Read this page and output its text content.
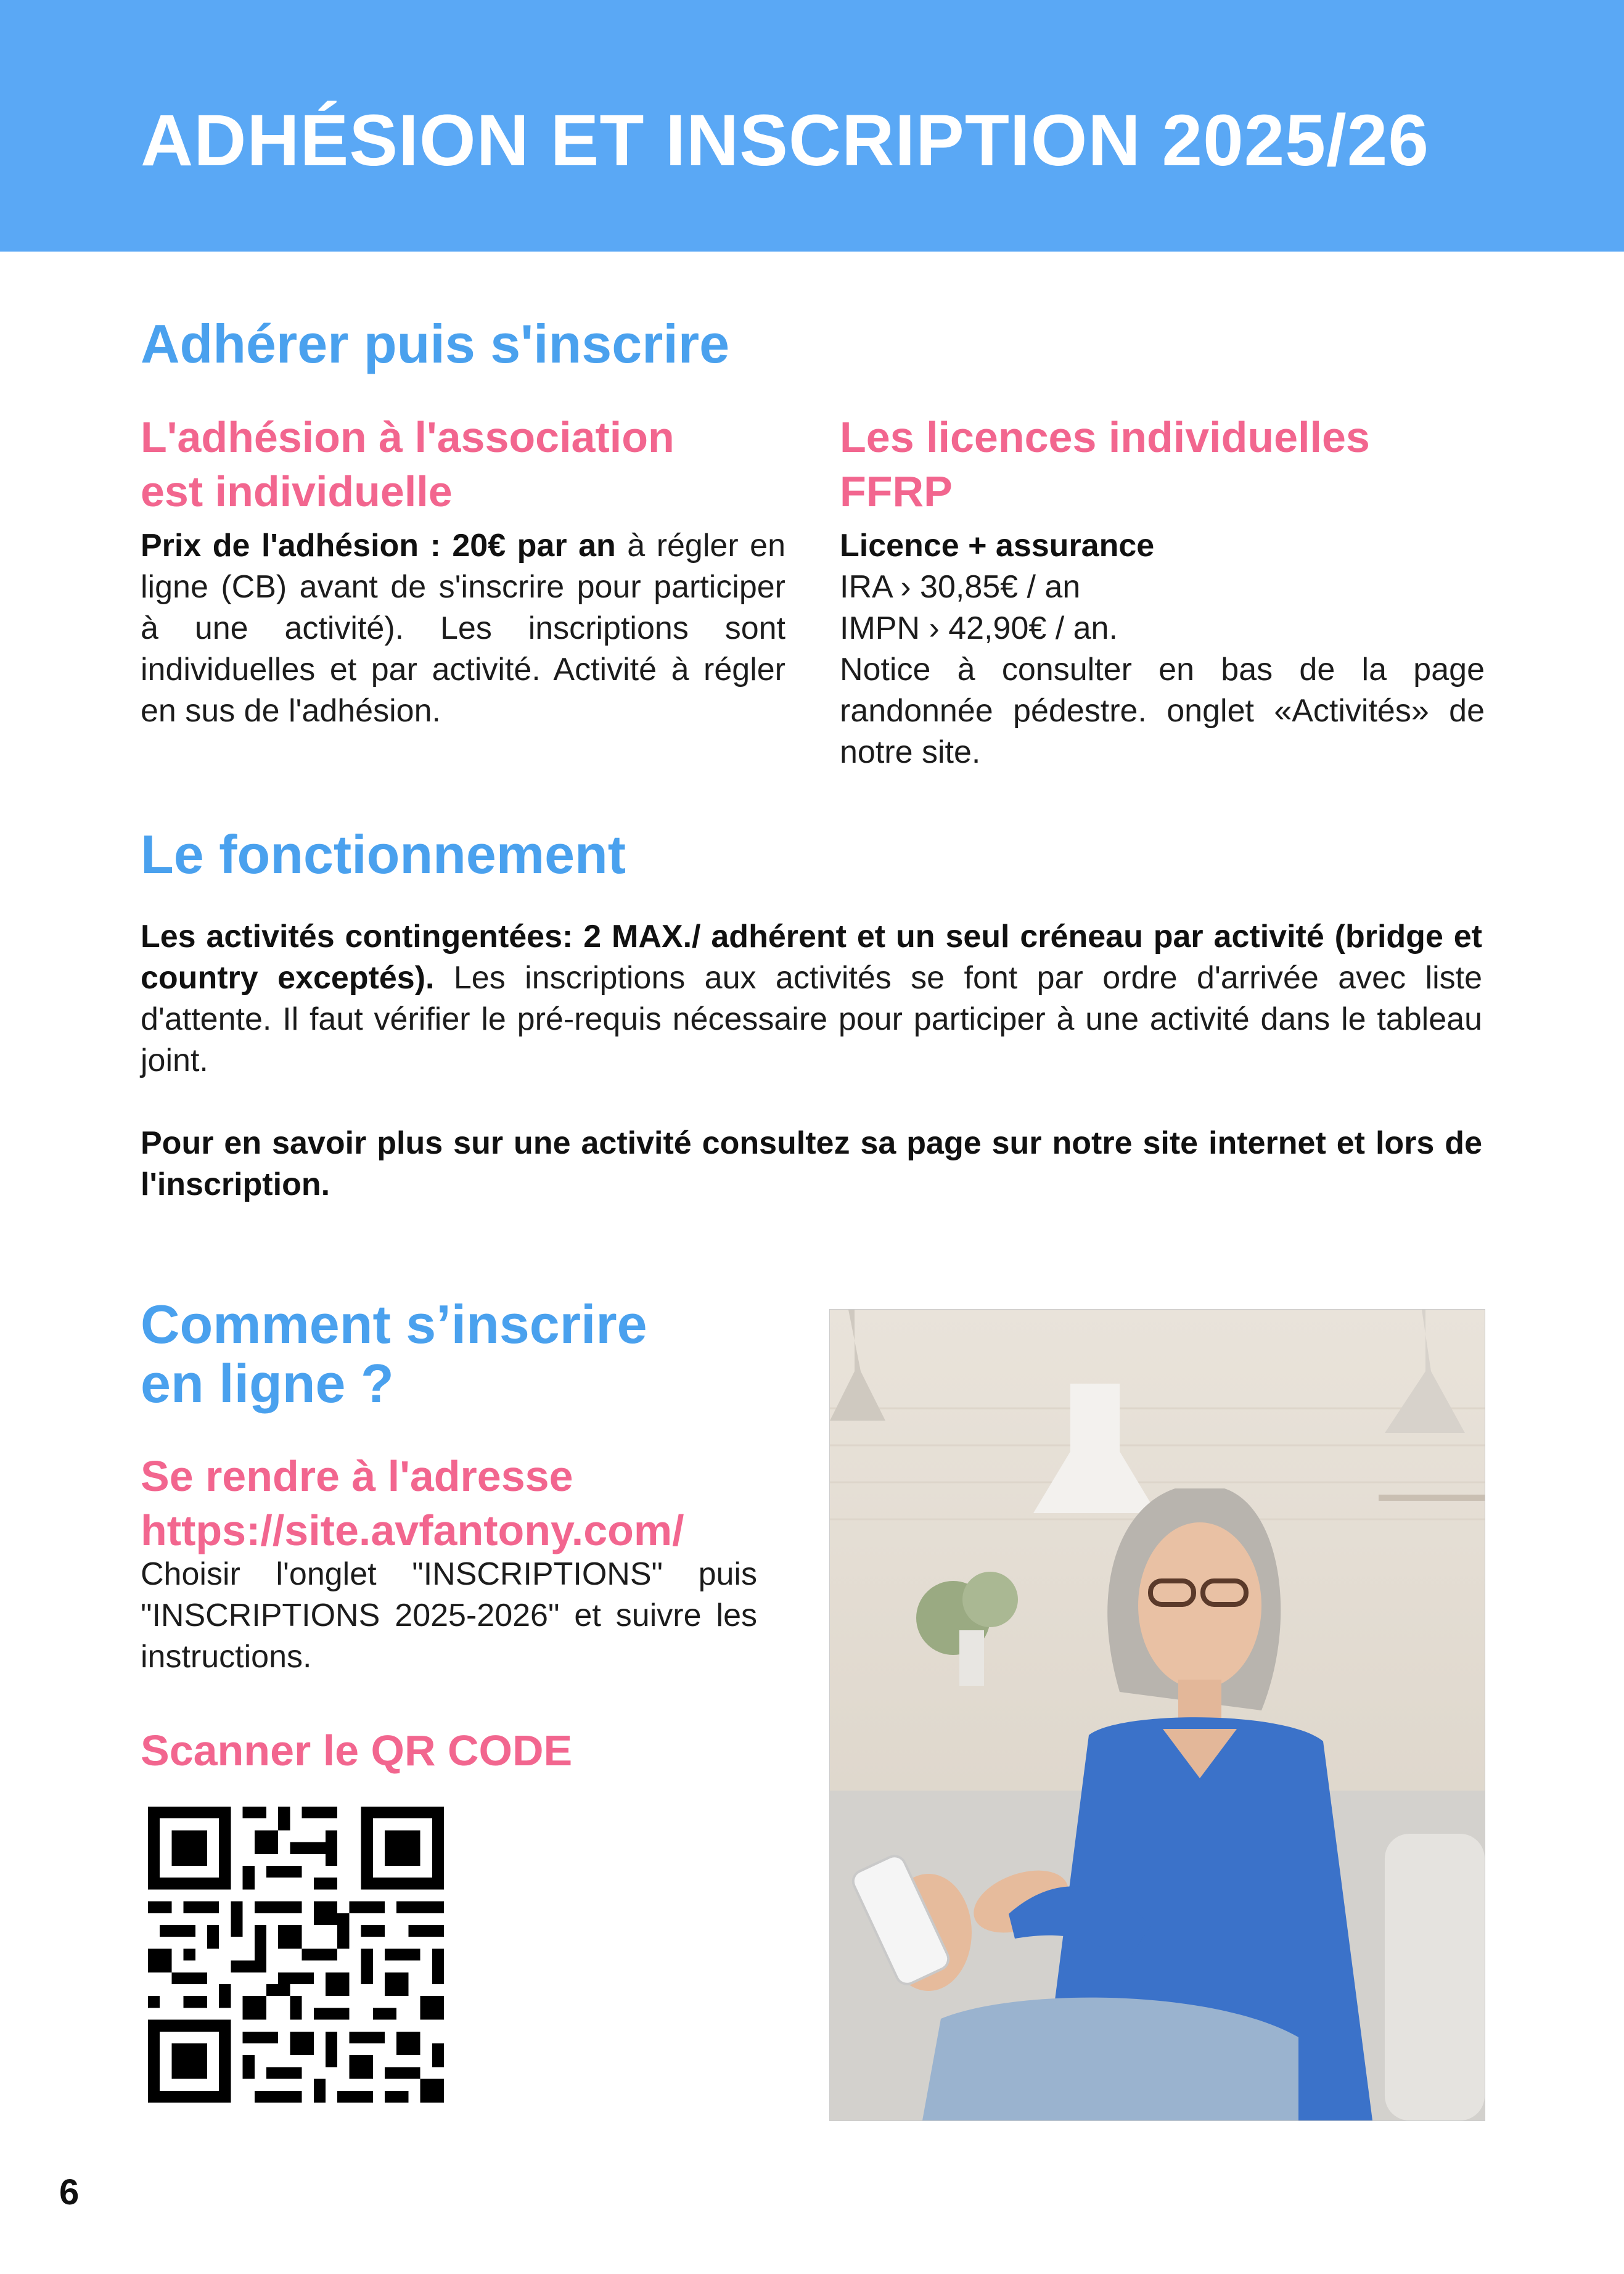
ADHÉSION ET INSCRIPTION 2025/26
Adhérer puis s'inscrire
L'adhésion à l'association
est individuelle

Prix de l'adhésion : 20€ par an à régler en ligne (CB) avant de s'inscrire pour participer à une activité). Les inscriptions sont individuelles et par activité. Activité à régler en sus de l'adhésion.

Les licences individuelles
FFRP
Licence + assurance
IRA › 30,85€ / an
IMPN › 42,90€ / an.
Notice à consulter en bas de la page randonnée pédestre. onglet «Activités» de notre site.
Le fonctionnement

Les activités contingentées: 2 MAX./ adhérent et un seul créneau par activité (bridge et country exceptés). Les inscriptions aux activités se font par ordre d'arrivée avec liste d'attente. Il faut vérifier le pré-requis nécessaire pour participer à une activité dans le tableau joint.

Pour en savoir plus sur une activité consultez sa page sur notre site internet et lors de l'inscription.

Comment s’inscrire
en ligne ?
Se rendre à l'adresse
https://site.avfantony.com/

Choisir l'onglet "INSCRIPTIONS" puis "INSCRIPTIONS 2025-2026" et suivre les instructions.

Scanner le QR CODE

6
